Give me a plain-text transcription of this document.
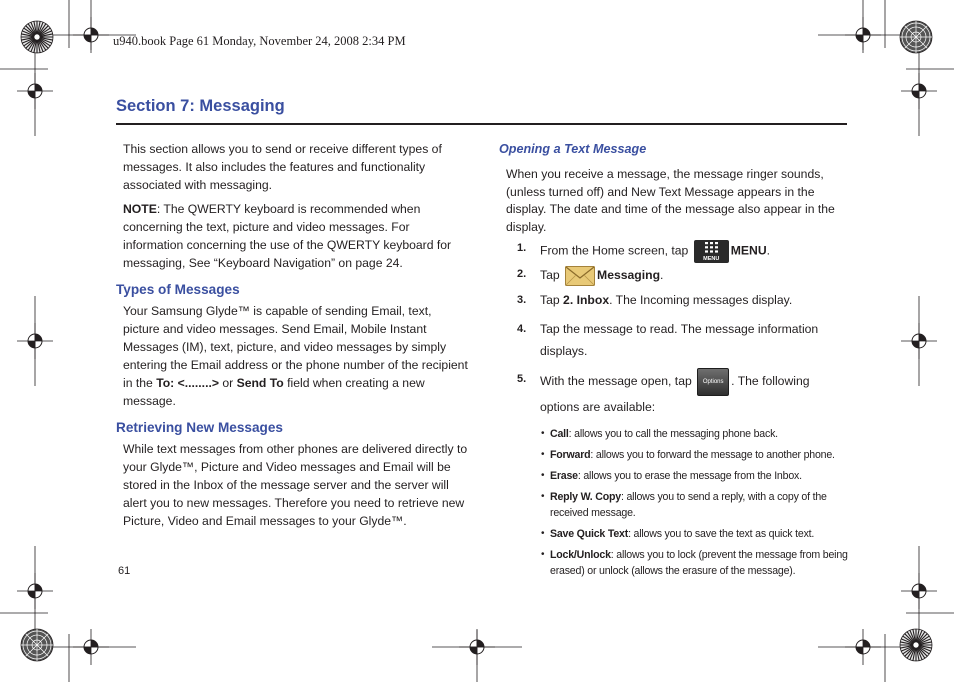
u940.book Page 61 Monday, November 24, 2008 2:34 PM
Section 7: Messaging

This section allows you to send or receive different types of messages. It also includes the features and functionality associated with messaging.

NOTE: The QWERTY keyboard is recommended when concerning the text, picture and video messages. For information concerning the use of the QWERTY keyboard for messaging, See “Keyboard Navigation” on page 24.

Types of Messages

Your Samsung Glyde™ is capable of sending Email, text, picture and video messages. Send Email, Mobile Instant Messages (IM), text, picture, and video messages by simply entering the Email address or the phone number of the recipient in the To: <........> or Send To field when creating a new message.

Retrieving New Messages

While text messages from other phones are delivered directly to your Glyde™, Picture and Video messages and Email will be stored in the Inbox of the message server and the server will alert you to new messages. Therefore you need to retrieve new Picture, Video and Email messages to your Glyde™.

Opening a Text Message

When you receive a message, the message ringer sounds, (unless turned off) and New Text Message appears in the display. The date and time of the message also appear in the display.

1. From the Home screen, tap
MENU
MENU.
2. Tap	Messaging.
3. Tap 2. Inbox. The Incoming messages display.
4. Tap the message to read. The message information displays.
5. With the message open, tap Options . The following options are available:
• Call: allows you to call the messaging phone back.
• Forward: allows you to forward the message to another phone.
• Erase: allows you to erase the message from the Inbox.
• Reply W. Copy: allows you to send a reply, with a copy of the received message.
• Save Quick Text: allows you to save the text as quick text.
• Lock/Unlock: allows you to lock (prevent the message from being erased) or unlock (allows the erasure of the message).
61
